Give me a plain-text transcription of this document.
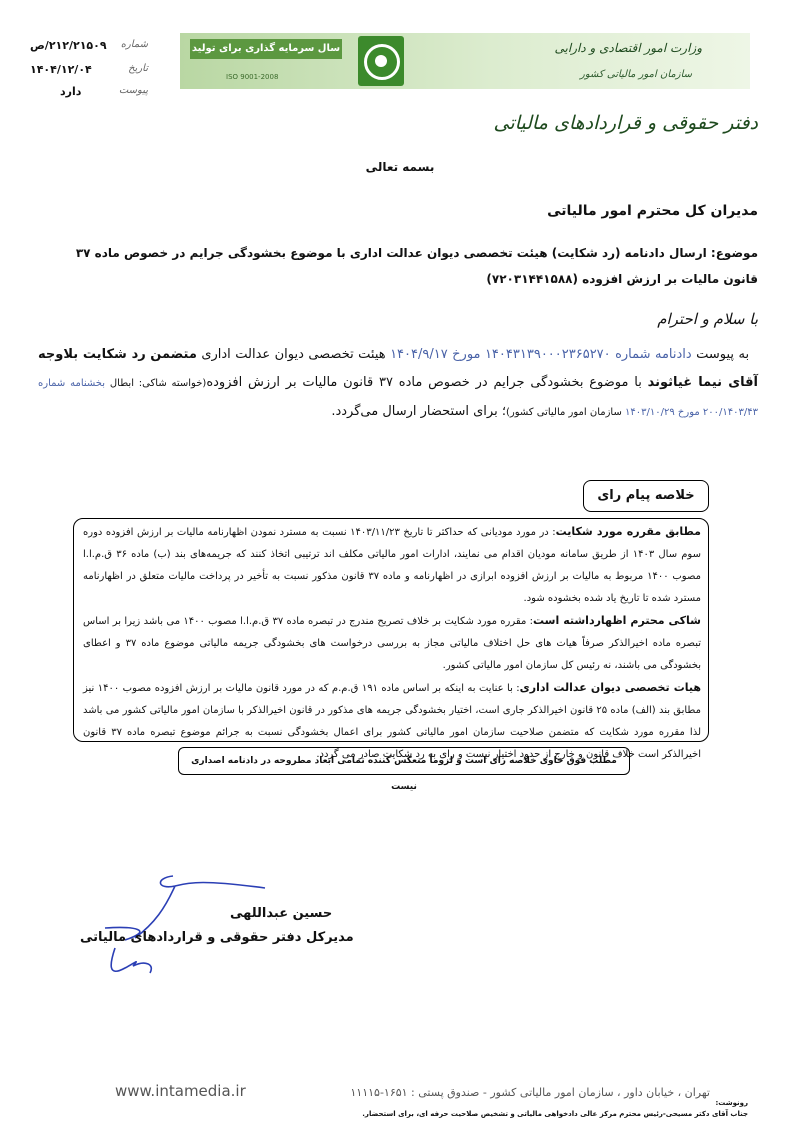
وزارت امور اقتصادی و دارایی
سازمان امور مالیاتی کشور
سال سرمایه گذاری برای تولید
ISO 9001-2008
شماره
۲۱۲/۲۱۵۰۹/ص
تاریخ
۱۴۰۴/۱۲/۰۴
پیوست
دارد
دفتر حقوقی و قراردادهای مالیاتی
بسمه تعالی
مدیران کل محترم امور مالیاتی
موضوع: ارسال دادنامه (رد شکایت) هیئت تخصصی دیوان عدالت اداری با موضوع بخشودگی جرایم در خصوص ماده ۳۷ قانون مالیات بر ارزش افزوده (۷۲۰۳۱۴۴۱۵۸۸)
با سلام و احترام
به پیوست دادنامه شماره ۱۴۰۴۳۱۳۹۰۰۰۲۳۶۵۲۷۰ مورخ ۱۴۰۴/۹/۱۷ هیئت تخصصی دیوان عدالت اداری متضمن رد شکایت بلاوجه آقای نیما غیاثوند با موضوع بخشودگی جرایم در خصوص ماده ۳۷ قانون مالیات بر ارزش افزوده(خواسته شاکی: ابطال بخشنامه شماره ۲۰۰/۱۴۰۳/۴۳ مورخ ۱۴۰۳/۱۰/۲۹ سازمان امور مالیاتی کشور)؛ برای استحضار ارسال می‌گردد.
خلاصه پیام رای

مطابق مقرره مورد شکایت: در مورد مودیانی که حداکثر تا تاریخ ۱۴۰۳/۱۱/۲۳ نسبت به مسترد نمودن اظهارنامه مالیات بر ارزش افزوده دوره سوم سال ۱۴۰۳ از طریق سامانه مودیان اقدام می نمایند، ادارات امور مالیاتی مکلف اند ترتیبی اتخاذ کنند که جریمه‌های بند (ب) ماده ۳۶ ق.م.ا.ا مصوب ۱۴۰۰ مربوط به مالیات بر ارزش افزوده ابرازی در اظهارنامه و ماده ۳۷ قانون مذکور نسبت به تأخیر در پرداخت مالیات متعلق در اظهارنامه مسترد شده تا تاریخ یاد شده بخشوده شود.

شاکی محترم اظهارداشته است: مقرره مورد شکایت بر خلاف تصریح مندرج در تبصره ماده ۳۷ ق.م.ا.ا مصوب ۱۴۰۰ می باشد زیرا بر اساس تبصره ماده اخیرالذکر صرفاً هیات های حل اختلاف مالیاتی مجاز به بررسی درخواست های بخشودگی جریمه مالیاتی موضوع ماده ۳۷ و اعطای بخشودگی می باشند، نه رئیس کل سازمان امور مالیاتی کشور.

هیات تخصصی دیوان عدالت اداری: با عنایت به اینکه بر اساس ماده ۱۹۱ ق.م.م که در مورد قانون مالیات بر ارزش افزوده مصوب ۱۴۰۰ نیز مطابق بند (الف) ماده ۲۵ قانون اخیرالذکر جاری است، اختیار بخشودگی جریمه های مذکور در قانون اخیرالذکر با سازمان امور مالیاتی کشور می باشد لذا مقرره مورد شکایت که متضمن صلاحیت سازمان امور مالیاتی کشور برای اعمال بخشودگی نسبت به جرائم موضوع تبصره ماده ۳۷ قانون اخیرالذکر است خلاف قانون و خارج از حدود اختیار نیست و رای به رد شکایت صادر می گردد.

مطلب فوق حاوی خلاصه رای است و لزوماً منعکس کننده تمامی ابعاد مطروحه در دادنامه اصداری نیست
حسین عبداللهی
مدیرکل دفتر حقوقی و قراردادهای مالیاتی
رونوشت:
جناب آقای دکتر مسیحی-رئیس محترم مرکز عالی دادخواهی مالیاتی و تشخیص صلاحیت حرفه ای، برای استحضار.
تهران ، خیابان داور ، سازمان امور مالیاتی کشور - صندوق پستی : ۱۶۵۱-۱۱۱۱۵
www.intamedia.ir
